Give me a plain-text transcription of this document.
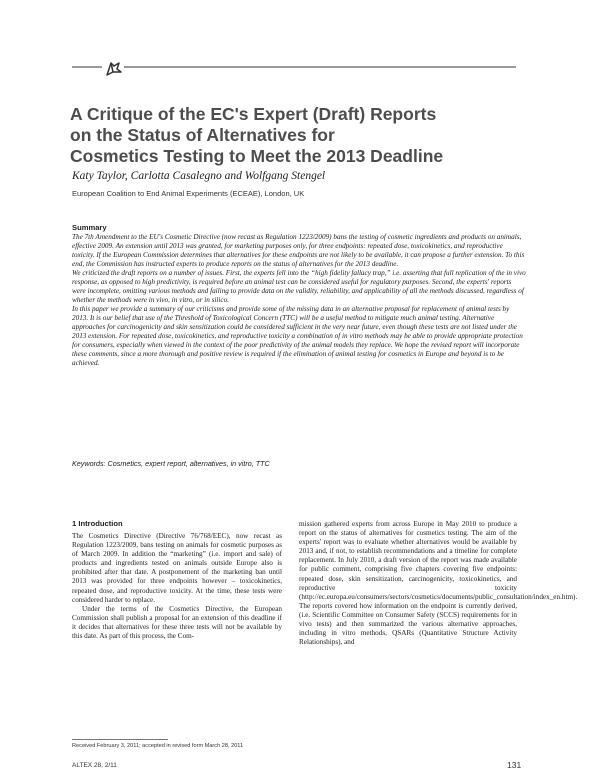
A Critique of the EC's Expert (Draft) Reports
on the Status of Alternatives for
Cosmetics Testing to Meet the 2013 Deadline
Katy Taylor, Carlotta Casalegno and Wolfgang Stengel
European Coalition to End Animal Experiments (ECEAE), London, UK
Summary

The 7th Amendment to the EU's Cosmetic Directive (now recast as Regulation 1223/2009) bans the testing of cosmetic ingredients and products on animals, effective 2009. An extension until 2013 was granted, for marketing purposes only, for three endpoints: repeated dose, toxicokinetics, and reproductive toxicity. If the European Commission determines that alternatives for these endpoints are not likely to be available, it can propose a further extension. To this end, the Commission has instructed experts to produce reports on the status of alternatives for the 2013 deadline.

We criticized the draft reports on a number of issues. First, the experts fell into the “high fidelity fallacy trap,” i.e. asserting that full replication of the in vivo response, as opposed to high predictivity, is required before an animal test can be considered useful for regulatory purposes. Second, the experts' reports were incomplete, omitting various methods and failing to provide data on the validity, reliability, and applicability of all the methods discussed, regardless of whether the methods were in vivo, in vitro, or in silico.

In this paper we provide a summary of our criticisms and provide some of the missing data in an alternative proposal for replacement of animal tests by 2013. It is our belief that use of the Threshold of Toxicological Concern (TTC) will be a useful method to mitigate much animal testing. Alternative approaches for carcinogenicity and skin sensitization could be considered sufficient in the very near future, even though these tests are not listed under the 2013 extension. For repeated dose, toxicokinetics, and reproductive toxicity a combination of in vitro methods may be able to provide appropriate protection for consumers, especially when viewed in the context of the poor predictivity of the animal models they replace. We hope the revised report will incorporate these comments, since a more thorough and positive review is required if the elimination of animal testing for cosmetics in Europe and beyond is to be achieved.

Keywords: Cosmetics, expert report, alternatives, in vitro, TTC
1 Introduction

The Cosmetics Directive (Directive 76/768/EEC), now recast as Regulation 1223/2009, bans testing on animals for cosmetic purposes as of March 2009. In addition the “marketing” (i.e. import and sale) of products and ingredients tested on animals outside Europe also is prohibited after that date. A postponement of the marketing ban until 2013 was provided for three endpoints however – toxicokinetics, repeated dose, and reproductive toxicity. At the time, these tests were considered harder to replace.

Under the terms of the Cosmetics Directive, the European Commission shall publish a proposal for an extension of this deadline if it decides that alternatives for these three tests will not be available by this date. As part of this process, the Com-

mission gathered experts from across Europe in May 2010 to produce a report on the status of alternatives for cosmetics testing. The aim of the experts' report was to evaluate whether alternatives would be available by 2013 and, if not, to establish recommendations and a timeline for complete replacement. In July 2010, a draft version of the report was made available for public comment, comprising five chapters covering five endpoints: repeated dose, skin sensitization, carcinogenicity, toxicokinetics, and reproductive toxicity (http://ec.europa.eu/consumers/sectors/cosmetics/documents/public_consultation/index_en.htm). The reports covered how information on the endpoint is currently derived, (i.e. Scientific Committee on Consumer Safety (SCCS) requirements for in vivo tests) and then summarized the various alternative approaches, including in vitro methods, QSARs (Quantitative Structure Activity Relationships), and

Received February 3, 2011; accepted in revised form March 28, 2011
ALTEX 28, 2/11	131
